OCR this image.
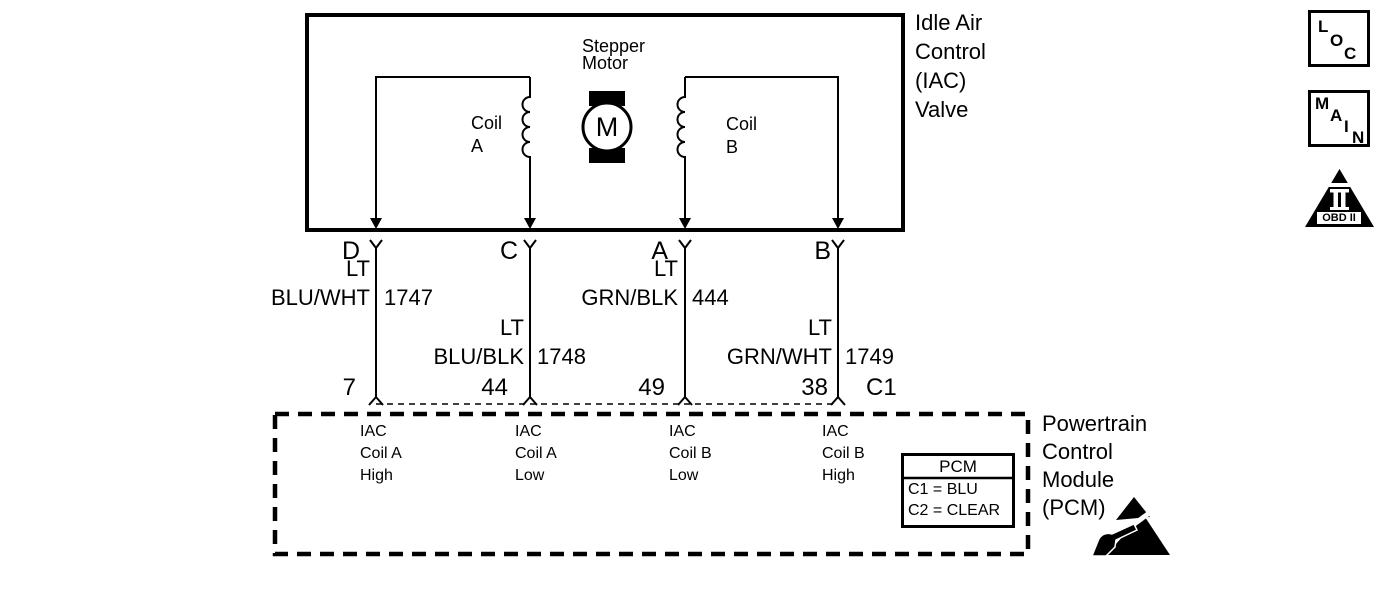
Stepper
Motor
M
Coil
A
Coil
B
Idle Air
Control
(IAC)
Valve
D	C	A	B
LT
BLU/WHT
LT
BLU/BLK
LT
GRN/BLK
LT
GRN/WHT
1747
1748
444
1749
7	44	49	38 C1
IAC
Coil A
High
IAC
Coil A
Low
IAC
Coil B
Low
IAC
Coil B
High	PCM
C1 = BLU
C2 = CLEAR
Powertrain
Control
Module
(PCM)
L
O
C
M
A
I
N
OBD II
